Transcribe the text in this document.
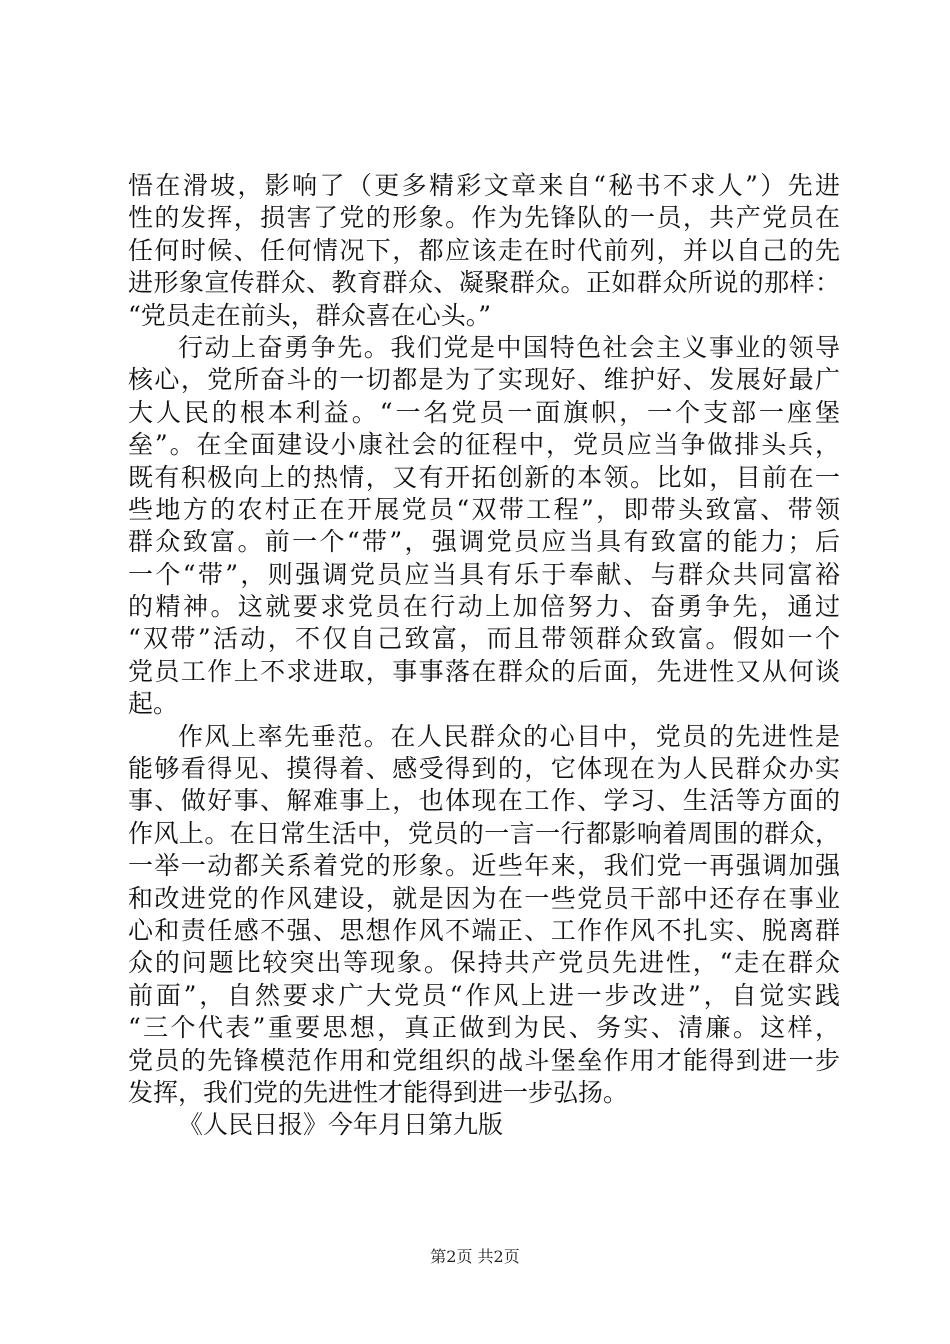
悟在滑坡，影响了（更多精彩文章来自“秘书不求人”）先进
性的发挥，损害了党的形象。作为先锋队的一员，共产党员在
任何时候、任何情况下，都应该走在时代前列，并以自己的先
进形象宣传群众、教育群众、凝聚群众。正如群众所说的那样：
“党员走在前头，群众喜在心头。”
行动上奋勇争先。我们党是中国特色社会主义事业的领导
核心，党所奋斗的一切都是为了实现好、维护好、发展好最广
大人民的根本利益。“一名党员一面旗帜，一个支部一座堡
垒”。在全面建设小康社会的征程中，党员应当争做排头兵，
既有积极向上的热情，又有开拓创新的本领。比如，目前在一
些地方的农村正在开展党员“双带工程”，即带头致富、带领
群众致富。前一个“带”，强调党员应当具有致富的能力；后
一个“带”，则强调党员应当具有乐于奉献、与群众共同富裕
的精神。这就要求党员在行动上加倍努力、奋勇争先，通过
“双带”活动，不仅自己致富，而且带领群众致富。假如一个
党员工作上不求进取，事事落在群众的后面，先进性又从何谈
起。
作风上率先垂范。在人民群众的心目中，党员的先进性是
能够看得见、摸得着、感受得到的，它体现在为人民群众办实
事、做好事、解难事上，也体现在工作、学习、生活等方面的
作风上。在日常生活中，党员的一言一行都影响着周围的群众，
一举一动都关系着党的形象。近些年来，我们党一再强调加强
和改进党的作风建设，就是因为在一些党员干部中还存在事业
心和责任感不强、思想作风不端正、工作作风不扎实、脱离群
众的问题比较突出等现象。保持共产党员先进性，“走在群众
前面”，自然要求广大党员“作风上进一步改进”，自觉实践
“三个代表”重要思想，真正做到为民、务实、清廉。这样，
党员的先锋模范作用和党组织的战斗堡垒作用才能得到进一步
发挥，我们党的先进性才能得到进一步弘扬。
《人民日报》今年月日第九版
第2页 共2页
